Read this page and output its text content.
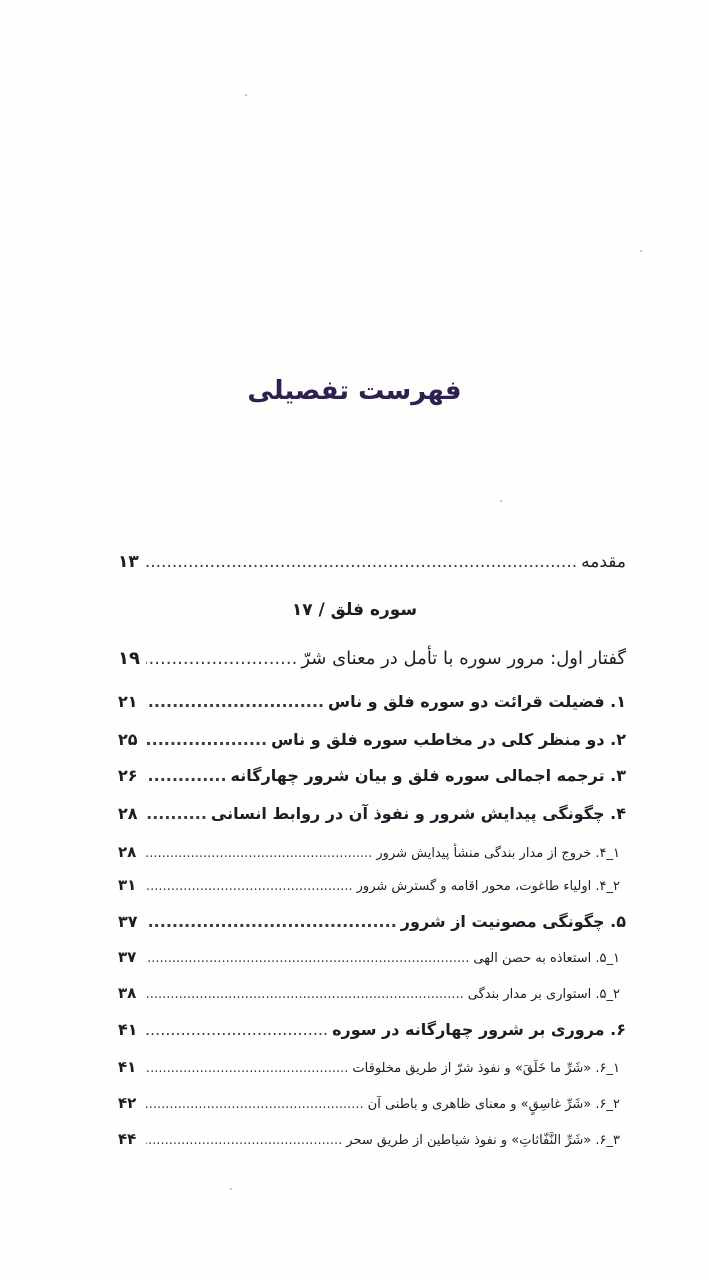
فهرست تفصیلی
مقدمه
.....
۱۳
سوره فلق / ۱۷
گفتار اول: مرور سوره با تأمل در معنای شرّ
.....
۱۹
۱. فضیلت قرائت دو سوره فلق و ناس
.....
۲۱
۲. دو منظر کلی در مخاطب سوره فلق و ناس
.....
۲۵
۳. ترجمه اجمالی سوره فلق و بیان شرور چهارگانه
.....
۲۶
۴. چگونگی پیدایش شرور و نفوذ آن در روابط انسانی
.....
۲۸
۱_۴. خروج از مدار بندگی منشأ پیدایش شرور
.....
۲۸
۲_۴. اولیاء طاغوت، محور اقامه و گسترش شرور
.....
۳۱
۵. چگونگی مصونیت از شرور
.....
۳۷
۱_۵. استعاذه به حصن الهی
.....
۳۷
۲_۵. استواری بر مدار بندگی
.....
۳۸
۶. مروری بر شرور چهارگانه در سوره
.....
۴۱
۱_۶. «شَرِّ ما خَلَقَ» و نفوذ شرّ از طریق مخلوقات
.....
۴۱
۲_۶. «شَرِّ غاسِقٍ» و معنای ظاهری و باطنی آن
.....
۴۲
۳_۶. «شَرِّ النَّفّاثاتِ» و نفوذ شیاطین از طریق سحر
.....
۴۴
